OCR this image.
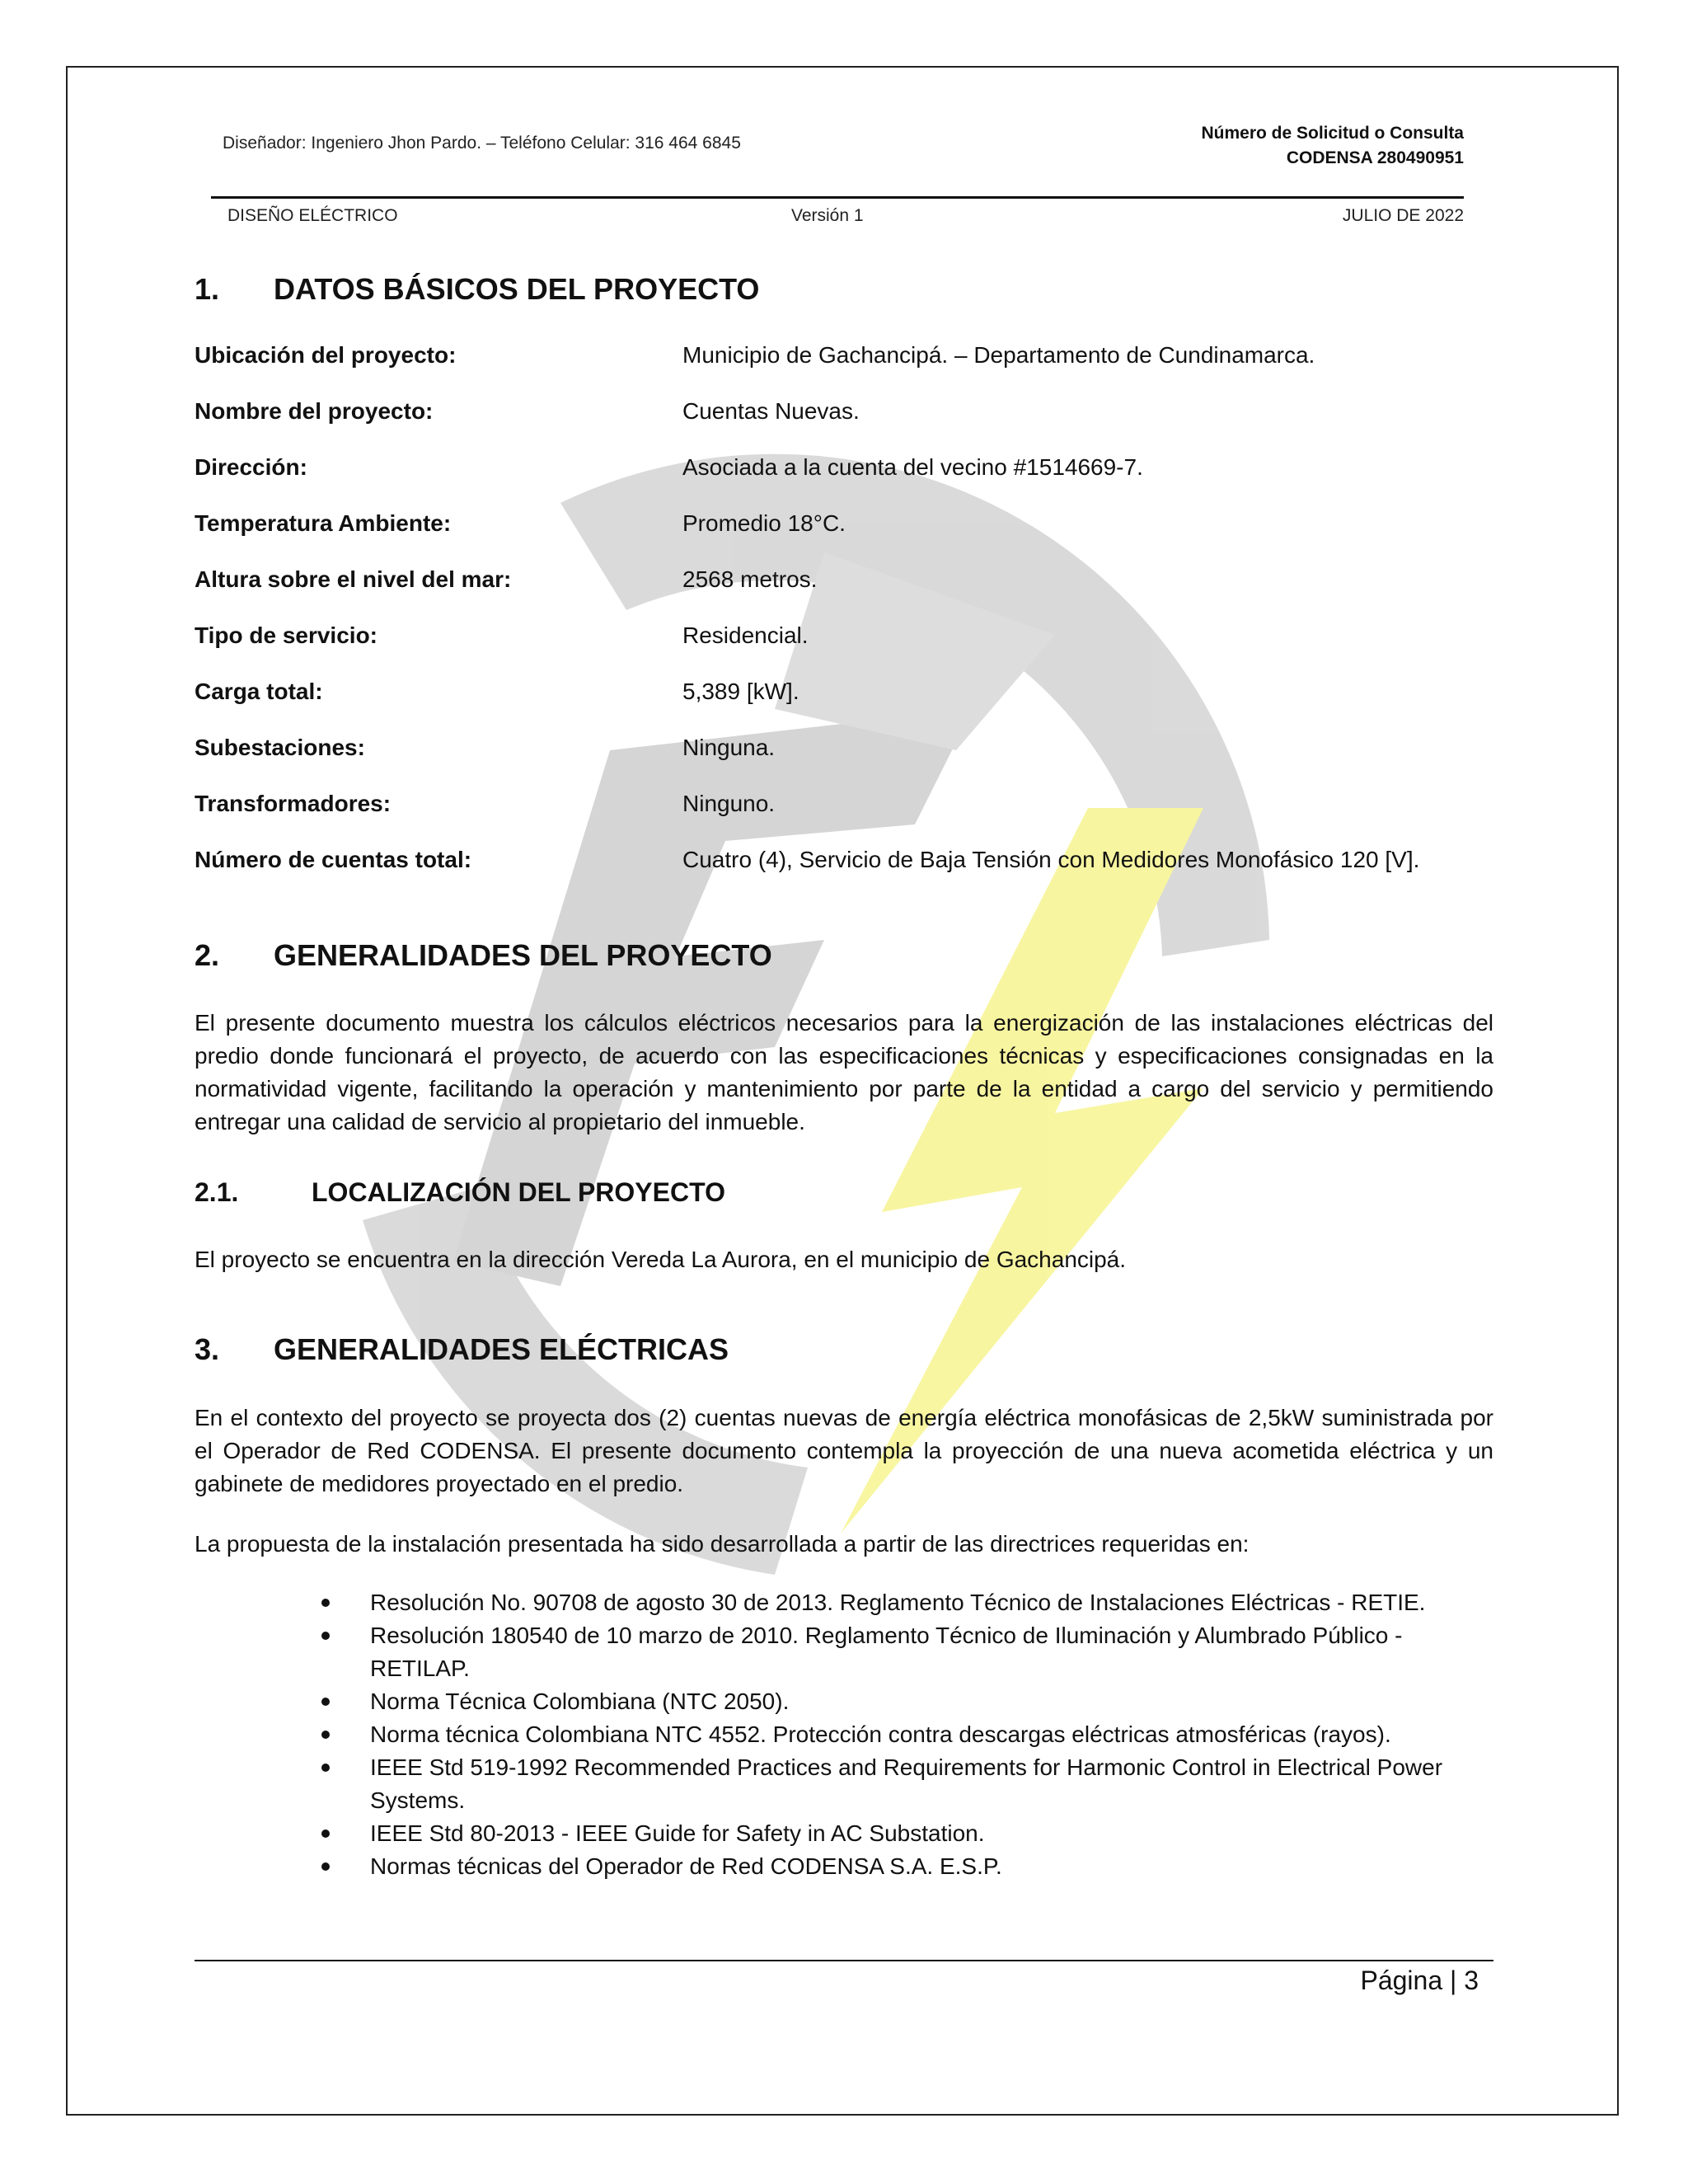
Diseñador: Ingeniero Jhon Pardo. – Teléfono Celular: 316 464 6845
Número de Solicitud o Consulta
CODENSA 280490951
DISEÑO ELÉCTRICO	Versión 1	JULIO DE 2022
1. DATOS BÁSICOS DEL PROYECTO
Ubicación del proyecto:	Municipio de Gachancipá. – Departamento de Cundinamarca.
Nombre del proyecto:	Cuentas Nuevas.
Dirección:	Asociada a la cuenta del vecino #1514669-7.
Temperatura Ambiente:	Promedio 18°C.
Altura sobre el nivel del mar:	2568 metros.
Tipo de servicio:	Residencial.
Carga total:	5,389 [kW].
Subestaciones:	Ninguna.
Transformadores:	Ninguno.
Número de cuentas total:	Cuatro (4), Servicio de Baja Tensión con Medidores Monofásico 120 [V].
2. GENERALIDADES DEL PROYECTO
El presente documento muestra los cálculos eléctricos necesarios para la energización de las instalaciones eléctricas del predio donde funcionará el proyecto, de acuerdo con las especificaciones técnicas y especificaciones consignadas en la normatividad vigente, facilitando la operación y mantenimiento por parte de la entidad a cargo del servicio y permitiendo entregar una calidad de servicio al propietario del inmueble.
2.1.	LOCALIZACIÓN DEL PROYECTO
El proyecto se encuentra en la dirección Vereda La Aurora, en el municipio de Gachancipá.
3. GENERALIDADES ELÉCTRICAS
En el contexto del proyecto se proyecta dos (2) cuentas nuevas de energía eléctrica monofásicas de 2,5kW suministrada por el Operador de Red CODENSA. El presente documento contempla la proyección de una nueva acometida eléctrica y un gabinete de medidores proyectado en el predio.
La propuesta de la instalación presentada ha sido desarrollada a partir de las directrices requeridas en:
Resolución No. 90708 de agosto 30 de 2013. Reglamento Técnico de Instalaciones Eléctricas - RETIE.
Resolución 180540 de 10 marzo de 2010. Reglamento Técnico de Iluminación y Alumbrado Público - RETILAP.
Norma Técnica Colombiana (NTC 2050).
Norma técnica Colombiana NTC 4552. Protección contra descargas eléctricas atmosféricas (rayos).
IEEE Std 519-1992 Recommended Practices and Requirements for Harmonic Control in Electrical Power Systems.
IEEE Std 80-2013 - IEEE Guide for Safety in AC Substation.
Normas técnicas del Operador de Red CODENSA S.A. E.S.P.
Página | 3
